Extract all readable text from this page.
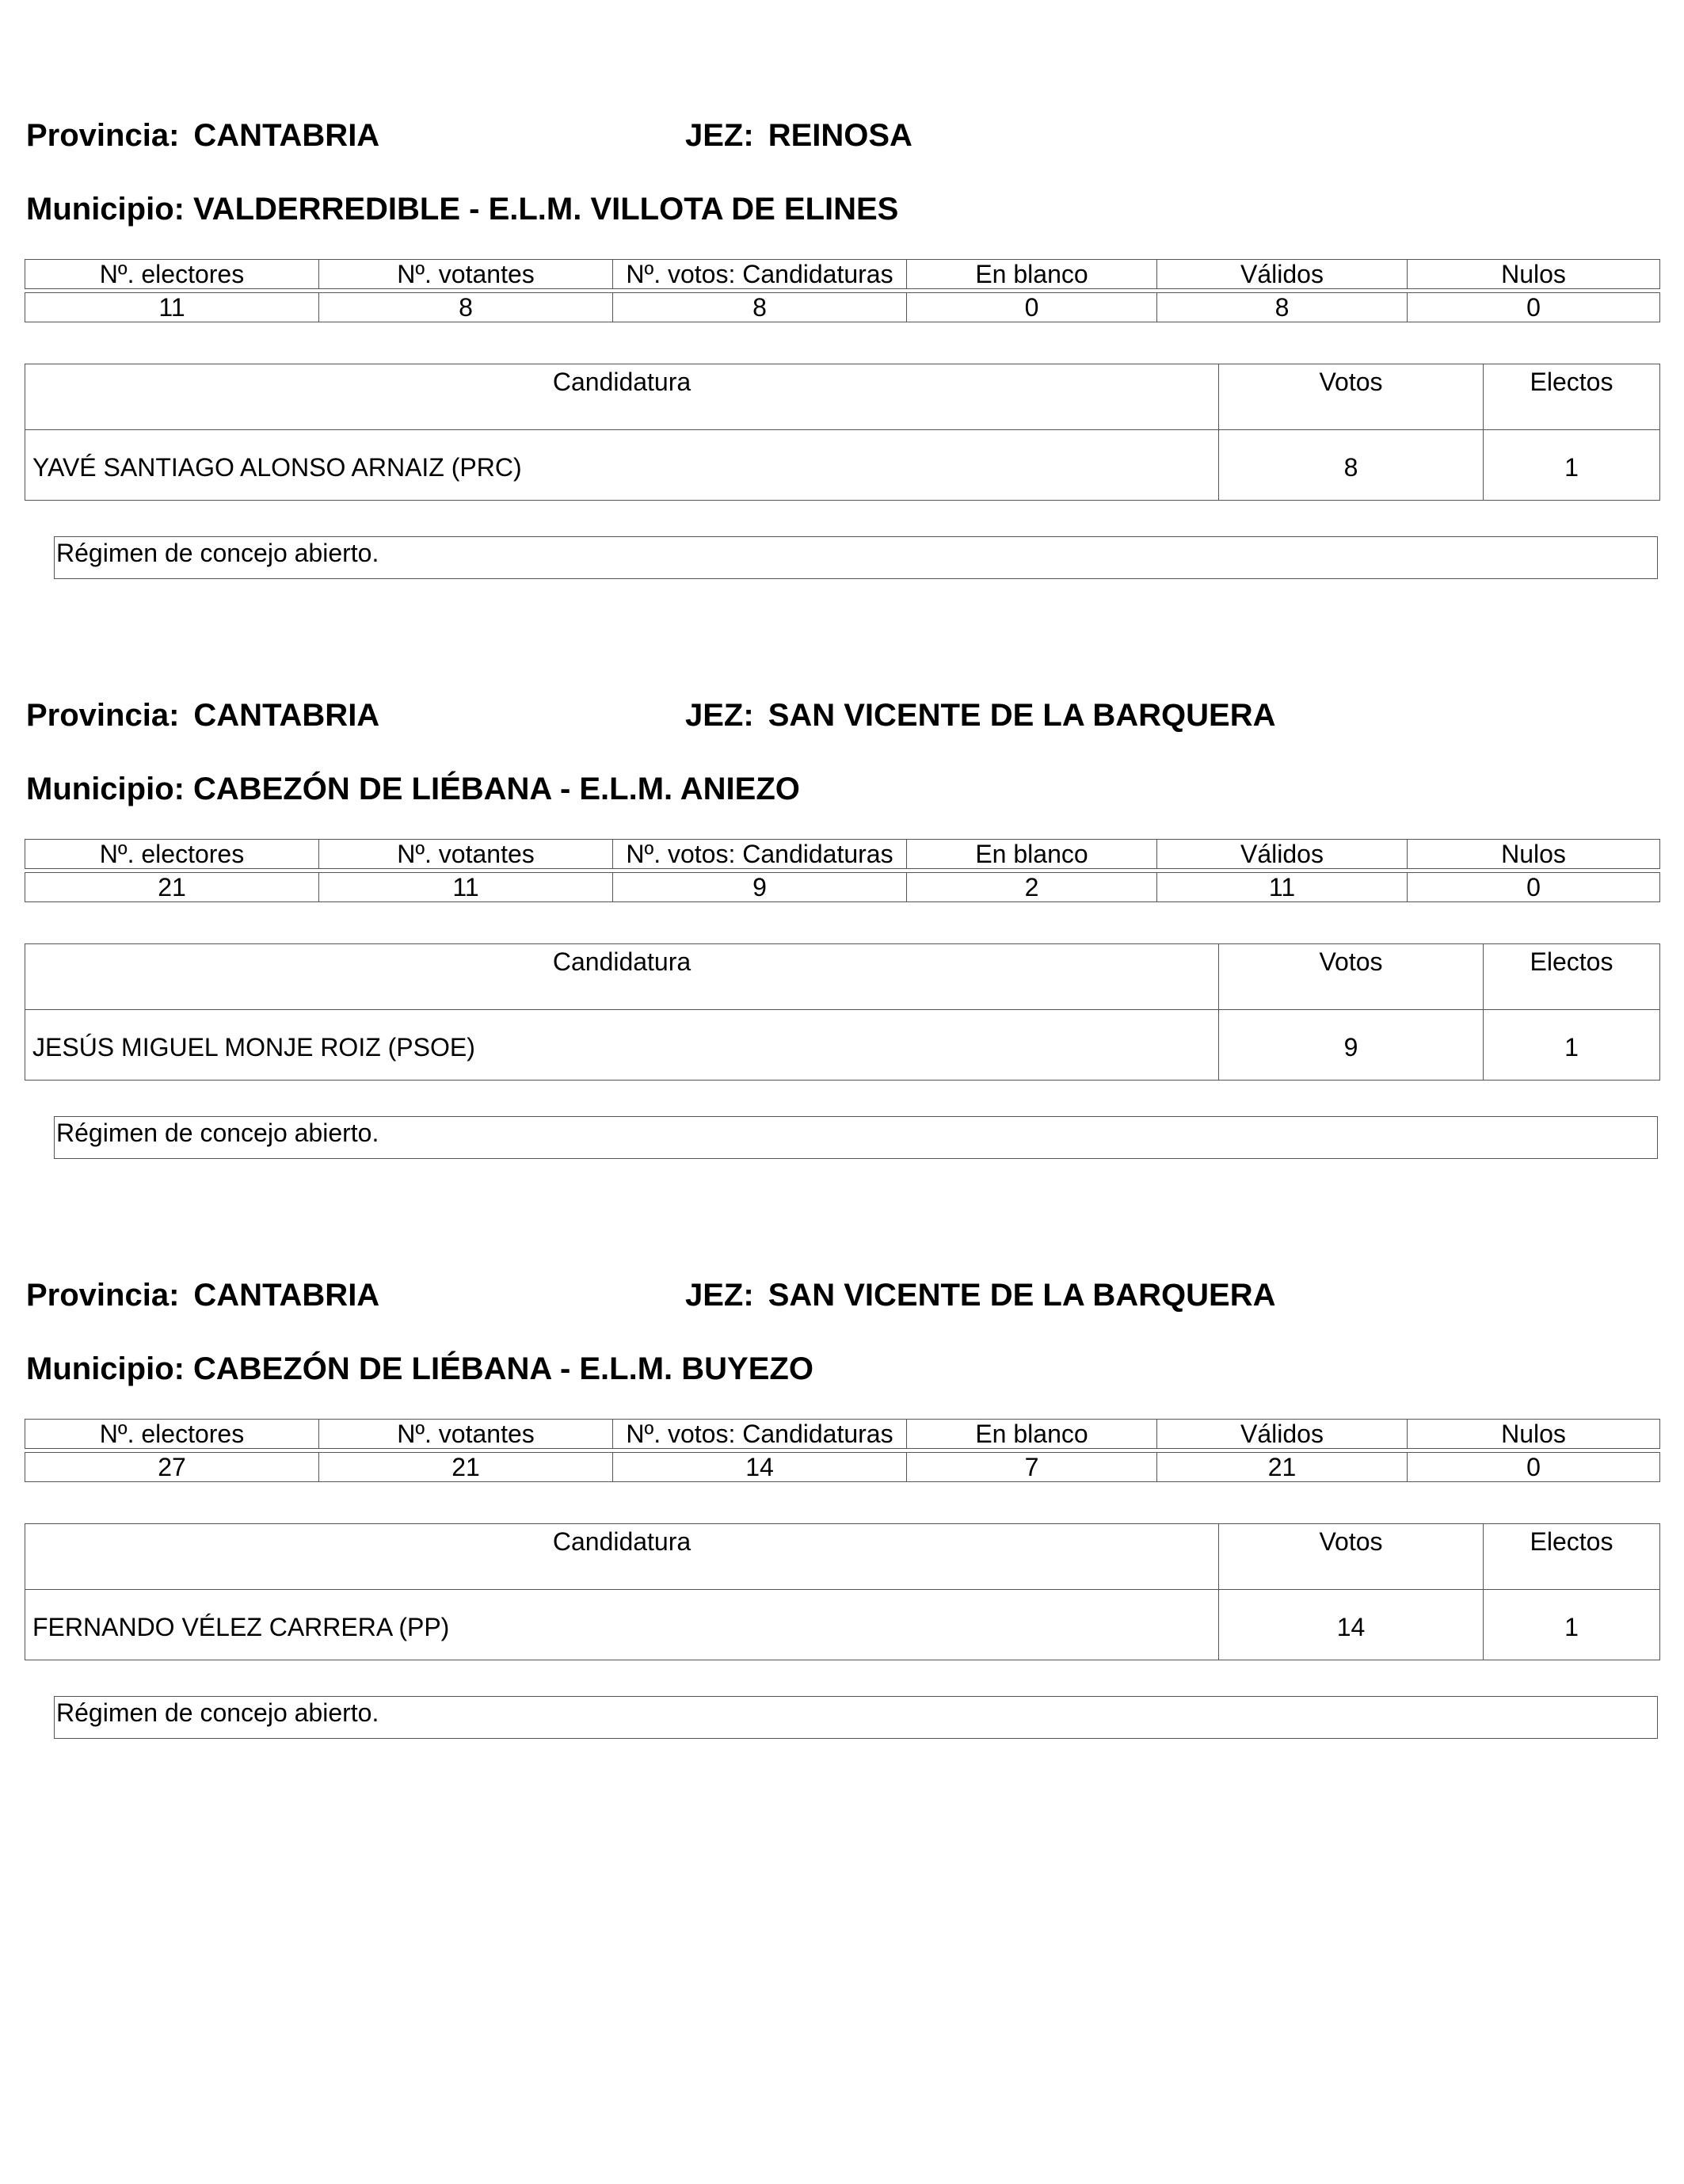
Provincia: CANTABRIA	JEZ: REINOSA
Municipio: VALDERREDIBLE - E.L.M. VILLOTA DE ELINES
Nº. electores	Nº. votantes	Nº. votos: Candidaturas	En blanco	Válidos	Nulos

11	8	8	0	8	0
Candidatura	Votos	Electos
YAVÉ SANTIAGO ALONSO ARNAIZ (PRC)	8	1
Régimen de concejo abierto.
Provincia: CANTABRIA	JEZ: SAN VICENTE DE LA BARQUERA
Municipio: CABEZÓN DE LIÉBANA - E.L.M. ANIEZO
Nº. electores	Nº. votantes	Nº. votos: Candidaturas	En blanco	Válidos	Nulos

21	11	9	2	11	0
Candidatura	Votos	Electos
JESÚS MIGUEL MONJE ROIZ (PSOE)	9	1
Régimen de concejo abierto.
Provincia: CANTABRIA	JEZ: SAN VICENTE DE LA BARQUERA
Municipio: CABEZÓN DE LIÉBANA - E.L.M. BUYEZO
Nº. electores	Nº. votantes	Nº. votos: Candidaturas	En blanco	Válidos	Nulos

27	21	14	7	21	0
Candidatura	Votos	Electos
FERNANDO VÉLEZ CARRERA (PP)	14	1
Régimen de concejo abierto.
